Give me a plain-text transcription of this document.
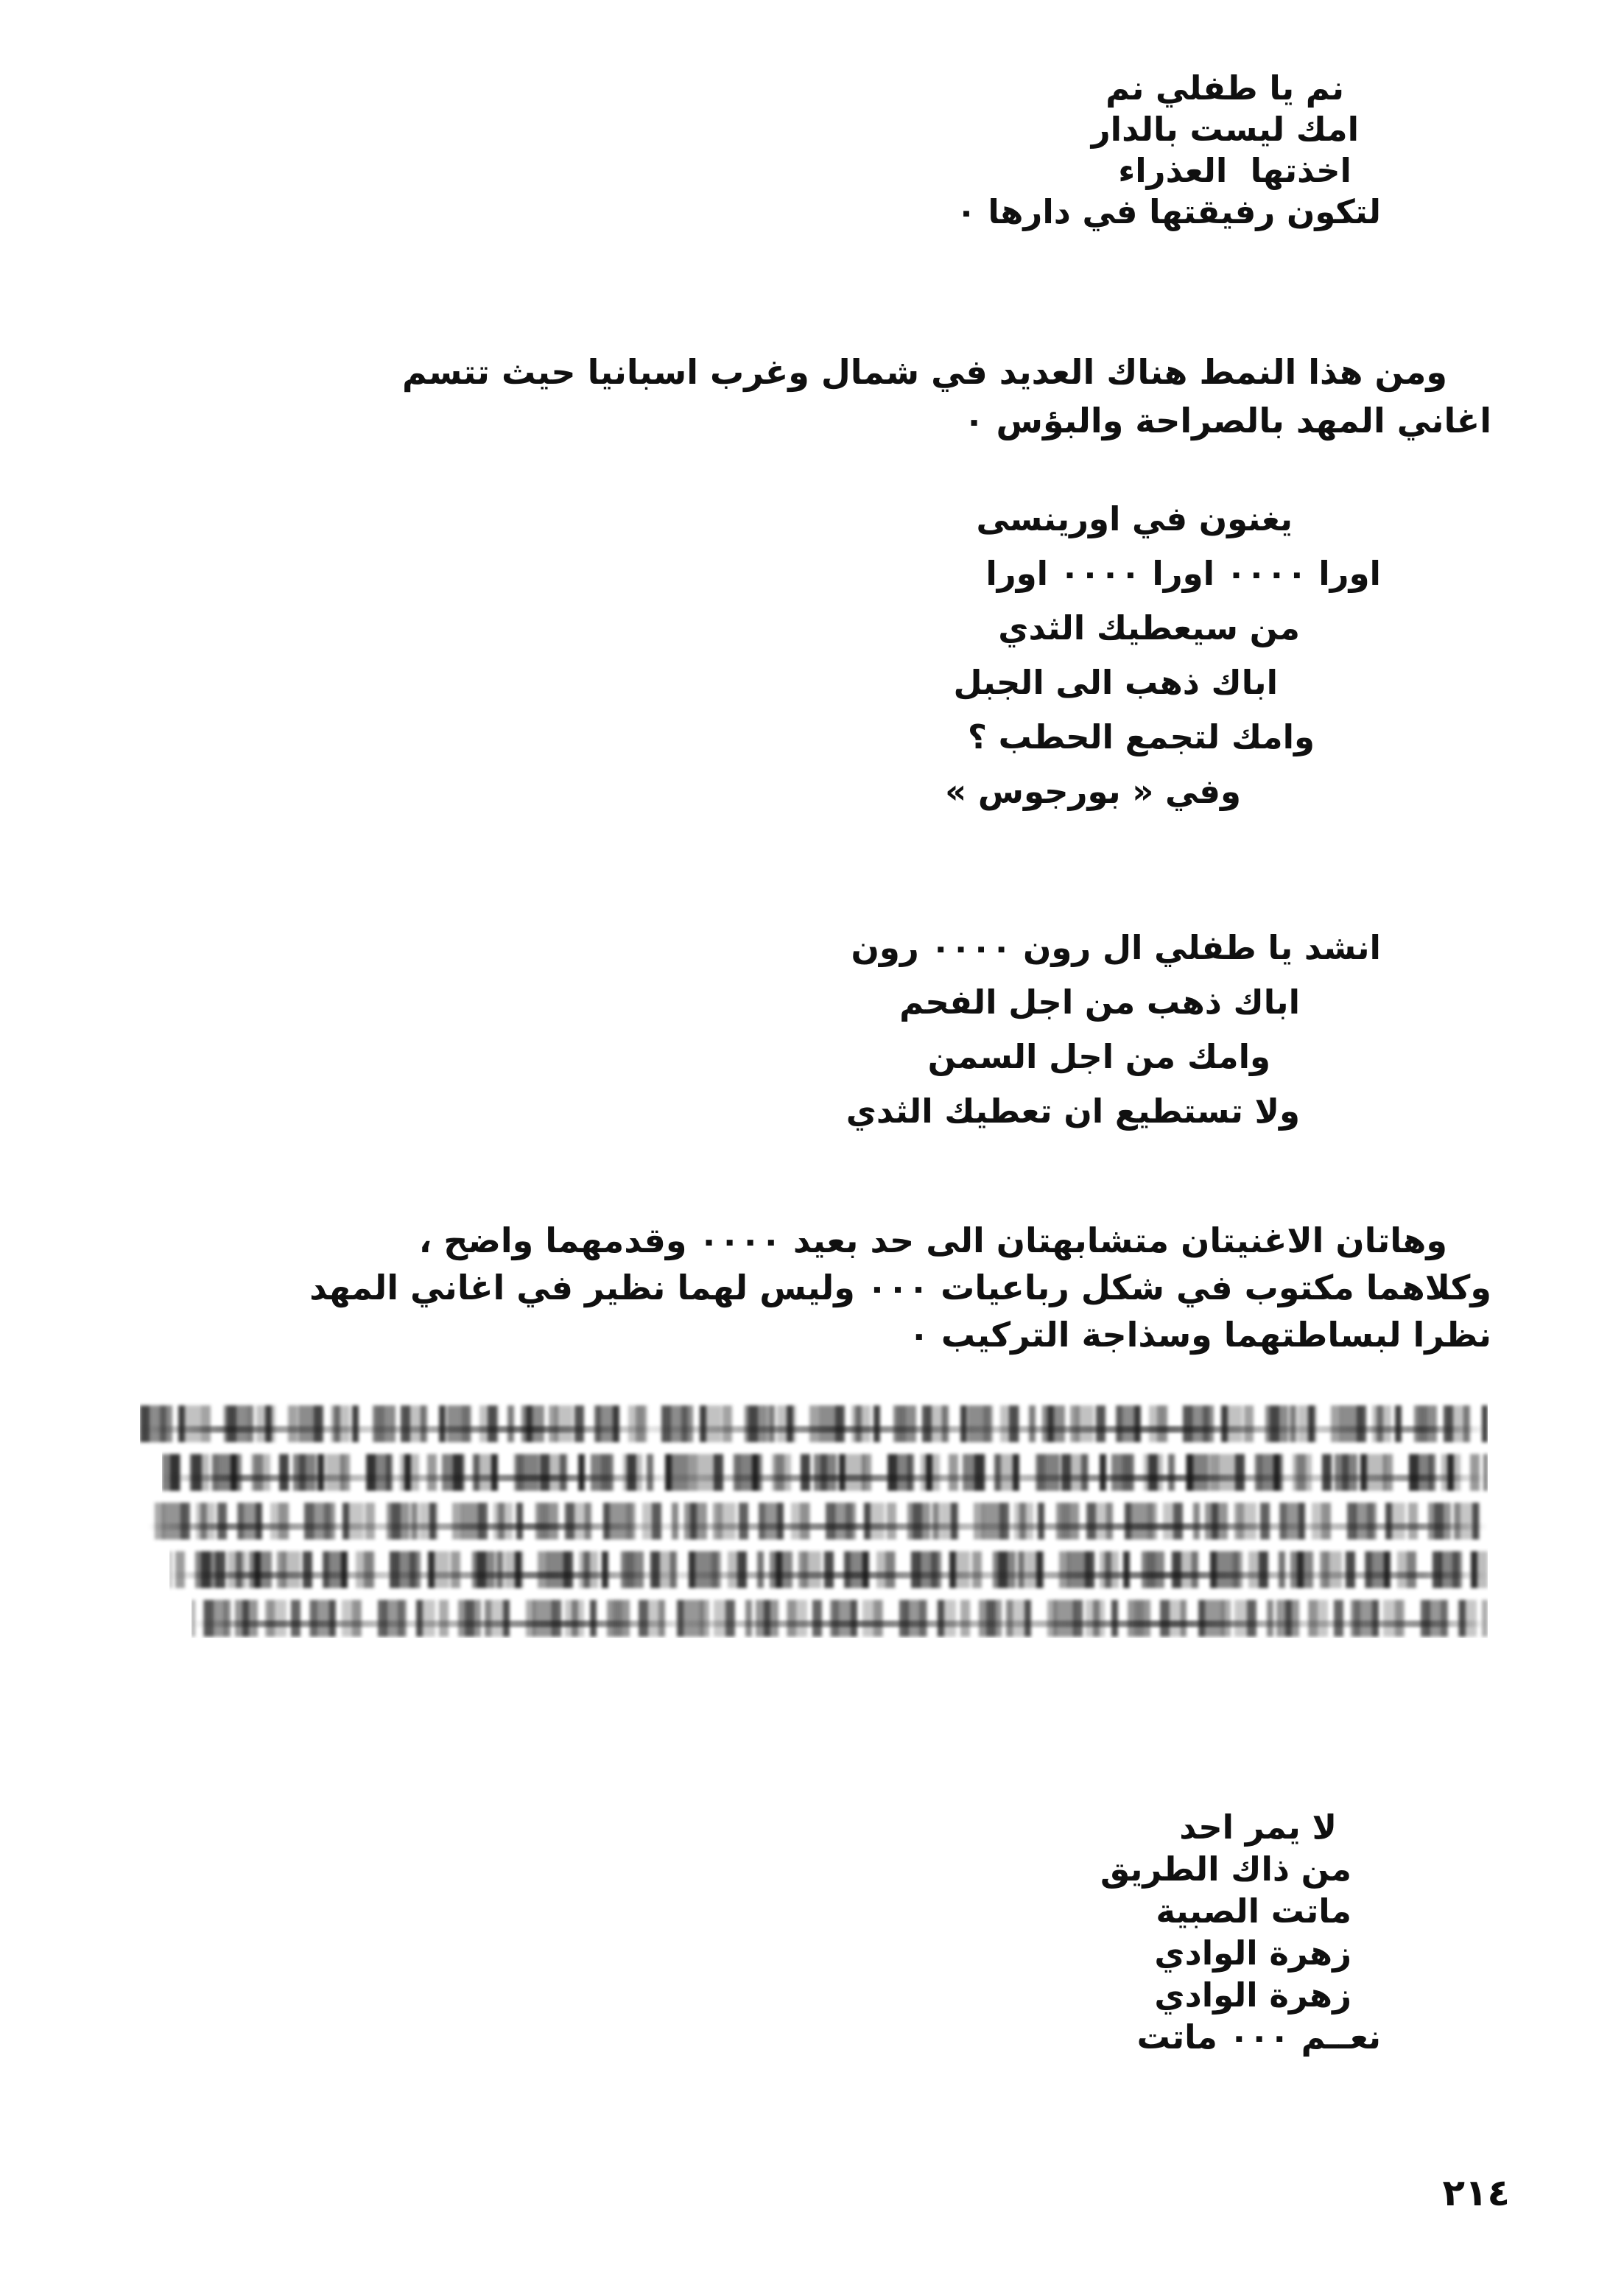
نم يا طفلي نم
امك ليست بالدار
اخذتها  العذراء
لتكون رفيقتها في دارها ٠
ومن هذا النمط هناك العديد في شمال وغرب اسبانيا حيث تتسم
اغاني المهد بالصراحة والبؤس ٠
يغنون في اورينسى
اورا ٠٠٠٠ اورا ٠٠٠٠ اورا
من سيعطيك الثدي
اباك ذهب الى الجبل
وامك لتجمع الحطب ؟
وفي « بورجوس »
انشد يا طفلي ال رون ٠٠٠٠ رون
اباك ذهب من اجل الفحم
وامك من اجل السمن
ولا تستطيع ان تعطيك الثدي
وهاتان الاغنيتان متشابهتان الى حد بعيد ٠٠٠٠ وقدمهما واضح ،
وكلاهما مكتوب في شكل رباعيات ٠٠٠ وليس لهما نظير في اغاني المهد
نظرا لبساطتهما وسذاجة التركيب ٠
لا يمر احد
من ذاك الطريق
ماتت الصبية
زهرة الوادي
زهرة الوادي
نعــم ٠٠٠ ماتت
٢١٤
